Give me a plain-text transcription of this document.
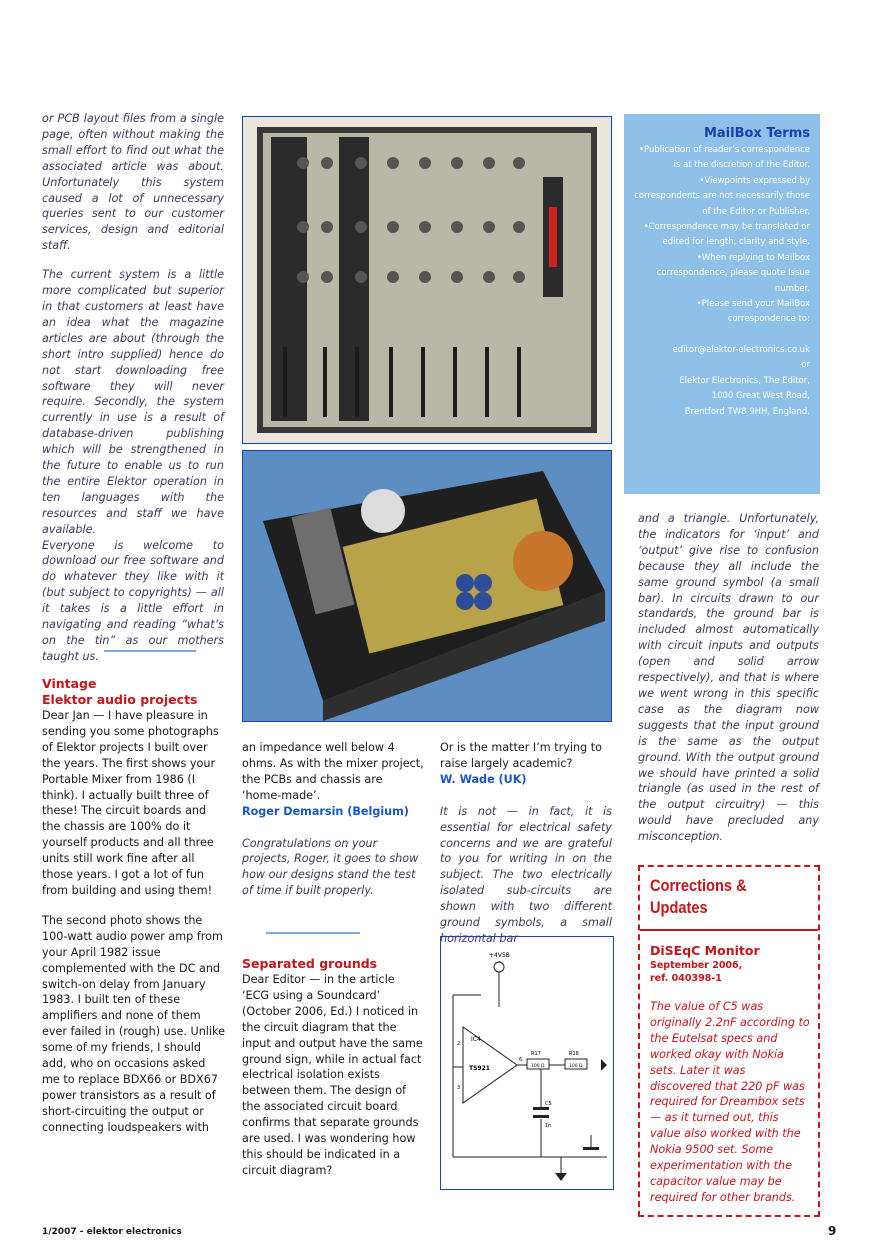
or PCB layout files from a single page, often without making the small effort to find out what the associated article was about. Unfortunately this system caused a lot of unnecessary queries sent to our customer services, design and editorial staff.

The current system is a little more complicated but superior in that customers at least have an idea what the magazine articles are about (through the short intro supplied) hence do not start downloading free software they will never require. Secondly, the system currently in use is a result of database-driven publishing which will be strengthened in the future to enable us to run the entire Elektor operation in ten languages with the resources and staff we have available.

Everyone is welcome to download our free software and do whatever they like with it (but subject to copyrights) — all it takes is a little effort in navigating and reading “what’s on the tin” as our mothers taught us.

Vintage

Elektor audio projects

Dear Jan — I have pleasure in sending you some photographs of Elektor projects I built over the years. The first shows your Portable Mixer from 1986 (I think). I actually built three of these! The circuit boards and the chassis are 100% do it yourself products and all three units still work fine after all those years. I got a lot of fun from building and using them!

The second photo shows the 100-watt audio power amp from your April 1982 issue complemented with the DC and switch-on delay from January 1983. I built ten of these amplifiers and none of them ever failed in (rough) use. Unlike some of my friends, I should add, who on occasions asked me to replace BDX66 or BDX67 power transistors as a result of short-circuiting the output or connecting loudspeakers with

an impedance well below 4 ohms. As with the mixer project, the PCBs and chassis are ‘home-made’.

Roger Demarsin (Belgium)

Congratulations on your projects, Roger, it goes to show how our designs stand the test of time if built properly.

Separated grounds

Dear Editor — in the article ‘ECG using a Soundcard’ (October 2006, Ed.) I noticed in the circuit diagram that the input and output have the same ground sign, while in actual fact electrical isolation exists between them. The design of the associated circuit board confirms that separate grounds are used. I was wondering how this should be indicated in a circuit diagram?

Or is the matter I’m trying to raise largely academic?

W. Wade (UK)

It is not — in fact, it is essential for electrical safety concerns and we are grateful to you for writing in on the subject. The two electrically isolated sub-circuits are shown with two different ground symbols, a small horizontal bar

+4V5B
IC4
TS921
2
3
6
R17
100 Ω
R18
100 Ω
C5
1n
MailBox Terms

•Publication of reader’s correspondence is at the discretion of the Editor.

•Viewpoints expressed by correspondents are not necessarily those of the Editor or Publisher.

•Correspondence may be translated or edited for length, clarity and style.

•When replying to Mailbox correspondence, please quote Issue number.

•Please send your MailBox correspondence to:

editor@elektor-electronics.co.uk

or

Elektor Electronics, The Editor,

1000 Great West Road,

Brentford TW8 9HH, England.

and a triangle. Unfortunately, the indicators for ‘input’ and ‘output’ give rise to confusion because they all include the same ground symbol (a small bar). In circuits drawn to our standards, the ground bar is included almost automatically with circuit inputs and outputs (open and solid arrow respectively), and that is where we went wrong in this specific case as the diagram now suggests that the input ground is the same as the output ground. With the output ground we should have printed a solid triangle (as used in the rest of the output circuitry) — this would have precluded any misconception.

Corrections & Updates
DiSEqC Monitor
September 2006,
ref. 040398-1

The value of C5 was originally 2.2nF according to the Eutelsat specs and worked okay with Nokia sets. Later it was discovered that 220 pF was required for Dreambox sets — as it turned out, this value also worked with the Nokia 9500 set. Some experimentation with the capacitor value may be required for other brands.

1/2007 - elektor electronics	9
